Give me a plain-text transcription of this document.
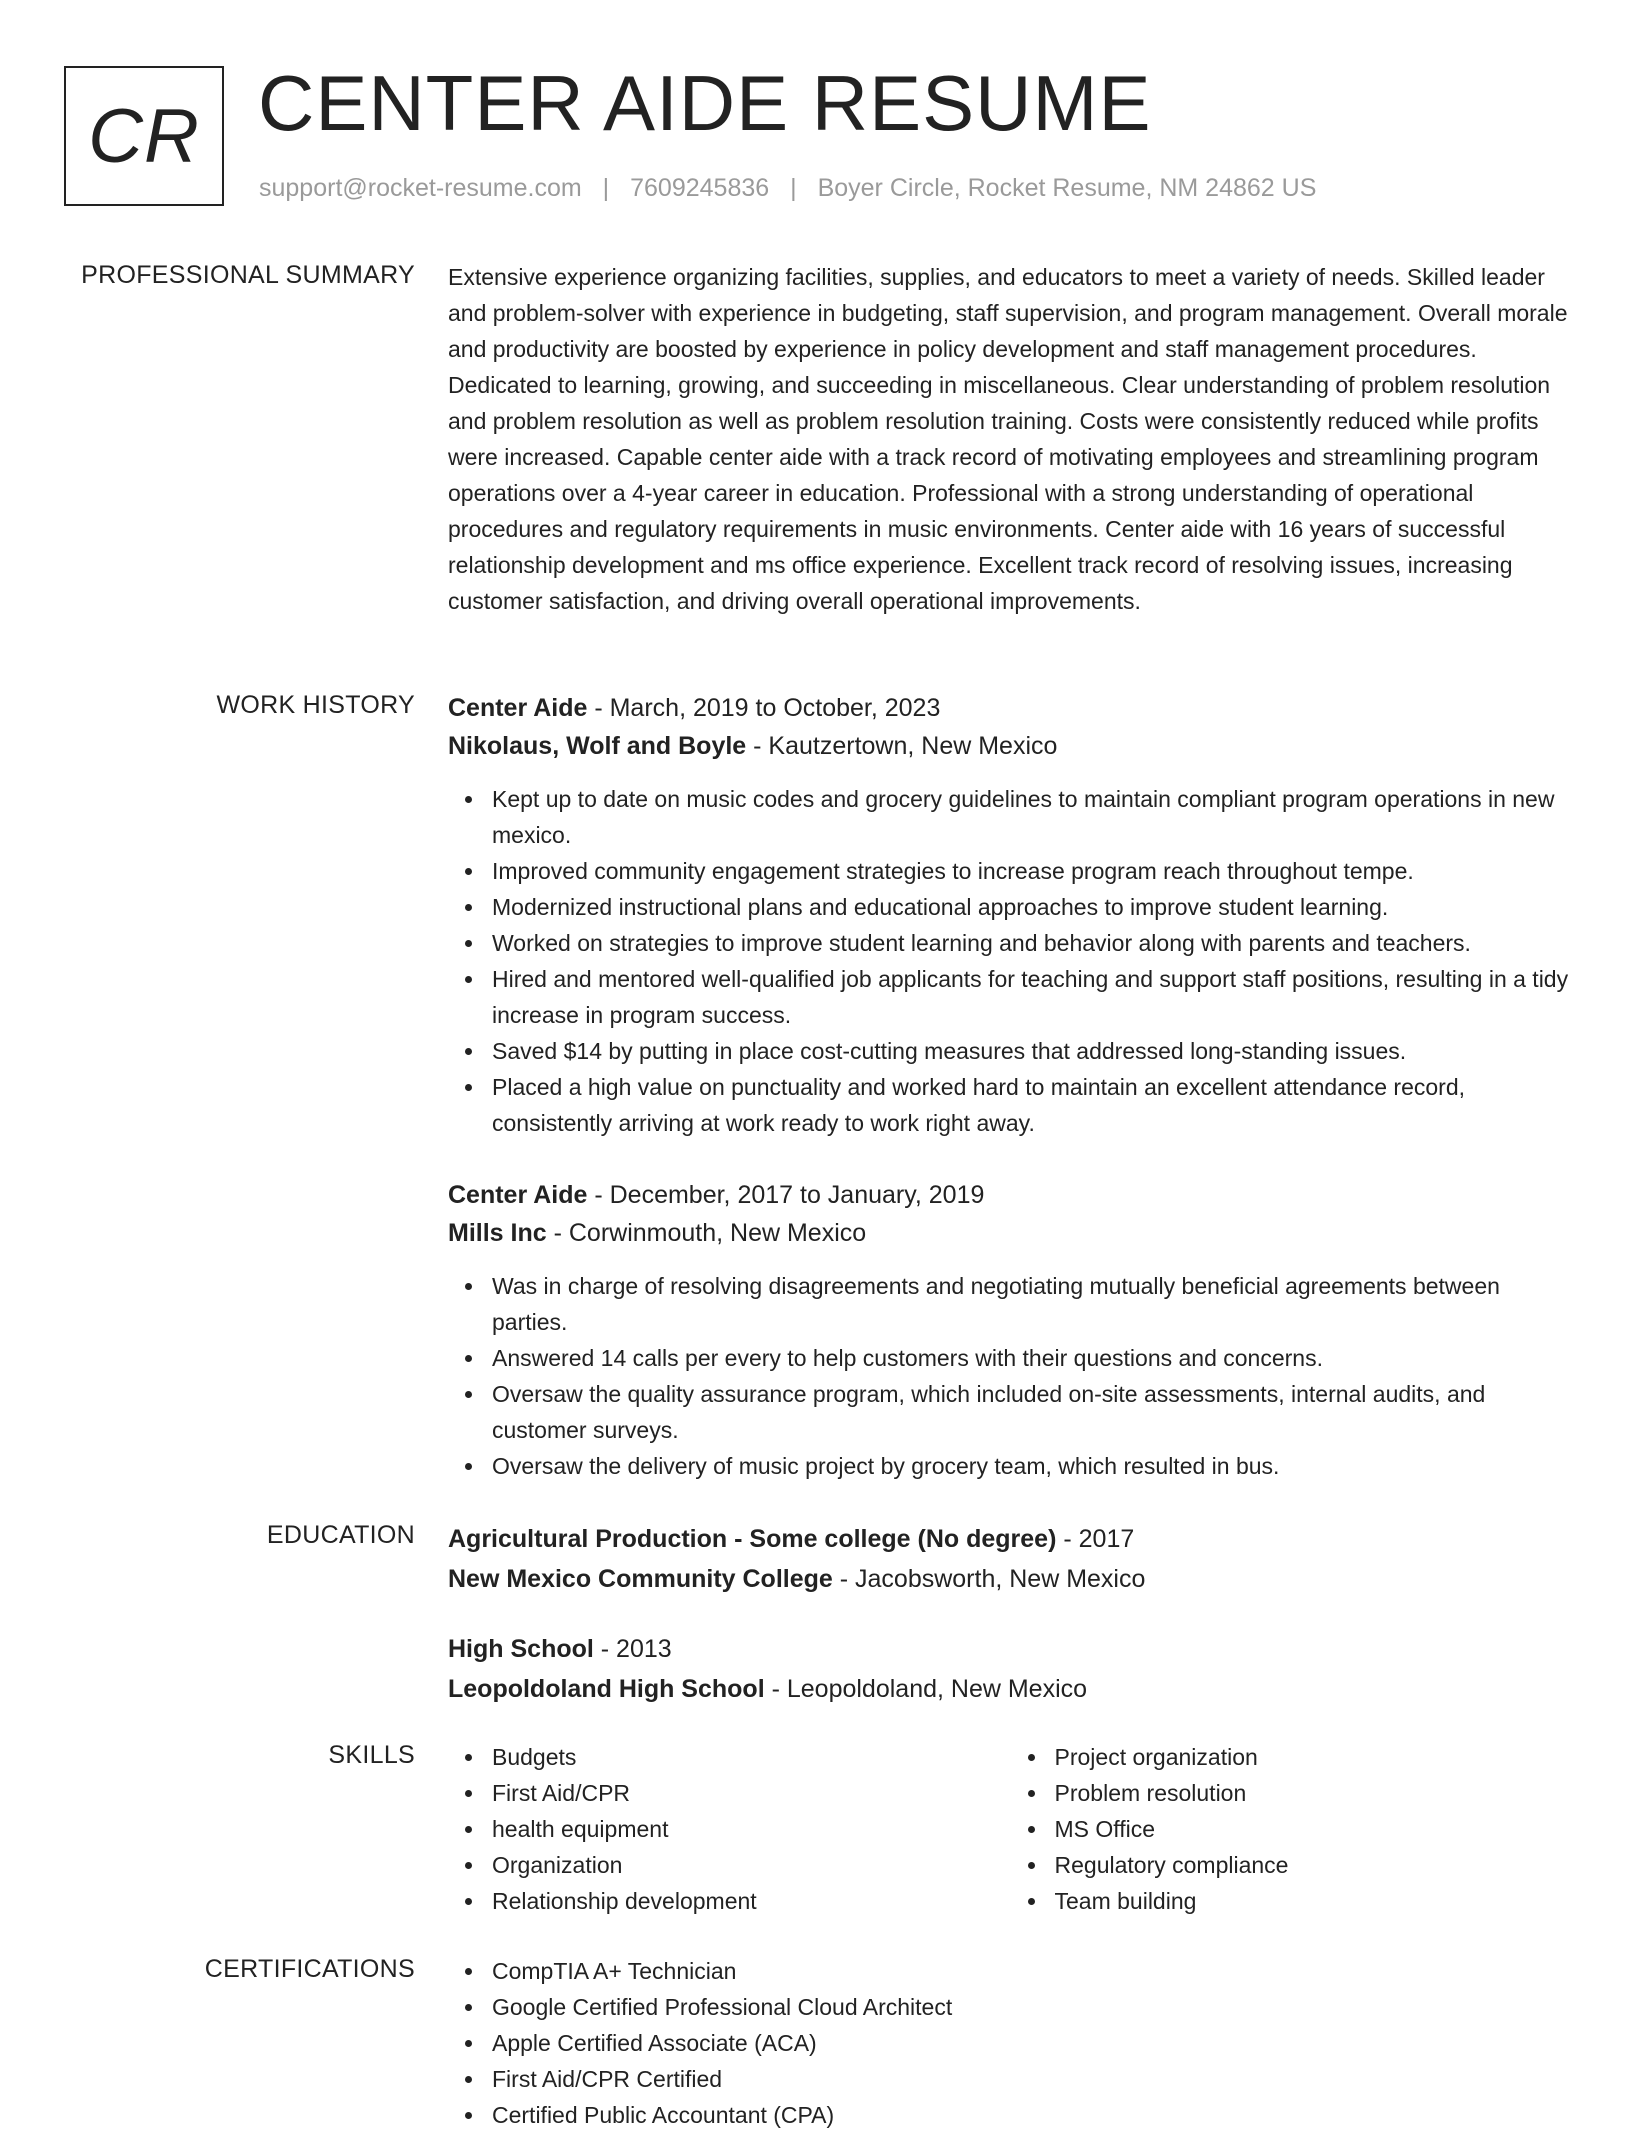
CR CENTER AIDE RESUME
support@rocket-resume.com | 7609245836 | Boyer Circle, Rocket Resume, NM 24862 US
PROFESSIONAL SUMMARY Extensive experience organizing facilities, supplies, and educators to meet a variety of needs. Skilled leader and problem-solver with experience in budgeting, staff supervision, and program management. Overall morale and productivity are boosted by experience in policy development and staff management procedures. Dedicated to learning, growing, and succeeding in miscellaneous. Clear understanding of problem resolution and problem resolution as well as problem resolution training. Costs were consistently reduced while profits were increased. Capable center aide with a track record of motivating employees and streamlining program operations over a 4-year career in education. Professional with a strong understanding of operational procedures and regulatory requirements in music environments. Center aide with 16 years of successful relationship development and ms office experience. Excellent track record of resolving issues, increasing customer satisfaction, and driving overall operational improvements.

WORK HISTORY Center Aide - March, 2019 to October, 2023
Nikolaus, Wolf and Boyle - Kautzertown, New Mexico
Kept up to date on music codes and grocery guidelines to maintain compliant program operations in new mexico.
Improved community engagement strategies to increase program reach throughout tempe.
Modernized instructional plans and educational approaches to improve student learning.
Worked on strategies to improve student learning and behavior along with parents and teachers.
Hired and mentored well-qualified job applicants for teaching and support staff positions, resulting in a tidy increase in program success.
Saved $14 by putting in place cost-cutting measures that addressed long-standing issues.
Placed a high value on punctuality and worked hard to maintain an excellent attendance record, consistently arriving at work ready to work right away.
Center Aide - December, 2017 to January, 2019
Mills Inc - Corwinmouth, New Mexico
Was in charge of resolving disagreements and negotiating mutually beneficial agreements between parties.
Answered 14 calls per every to help customers with their questions and concerns.
Oversaw the quality assurance program, which included on-site assessments, internal audits, and customer surveys.
Oversaw the delivery of music project by grocery team, which resulted in bus.
EDUCATION Agricultural Production - Some college (No degree) - 2017
New Mexico Community College - Jacobsworth, New Mexico
High School - 2013
Leopoldoland High School - Leopoldoland, New Mexico
SKILLS	Budgets
First Aid/CPR
health equipment
Organization
Relationship development
Project organization
Problem resolution
MS Office
Regulatory compliance
Team building
CERTIFICATIONS	CompTIA A+ Technician
Google Certified Professional Cloud Architect
Apple Certified Associate (ACA)
First Aid/CPR Certified
Certified Public Accountant (CPA)
